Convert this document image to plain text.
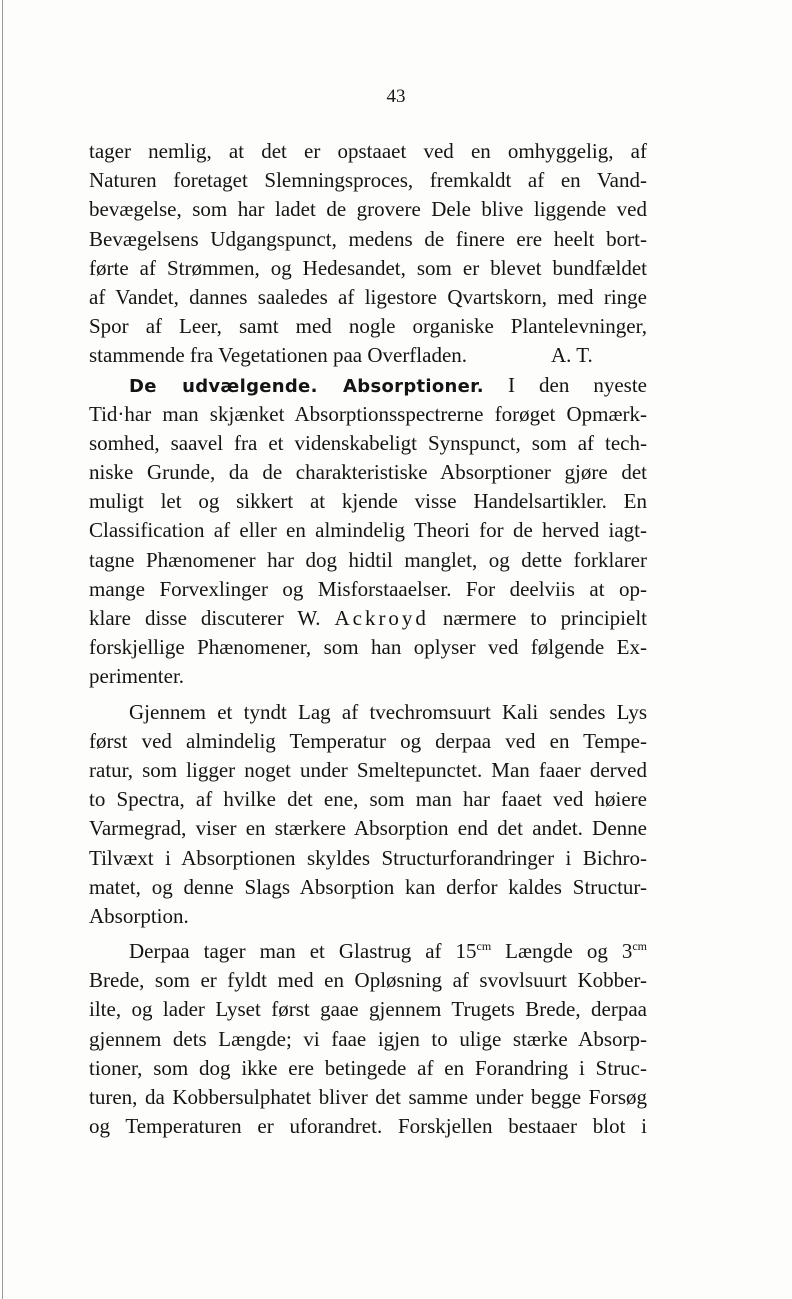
43

tager nemlig, at det er opstaaet ved en omhyggelig, af
Naturen foretaget Slemningsproces, fremkaldt af en Vand-
bevægelse, som har ladet de grovere Dele blive liggende ved
Bevægelsens Udgangspunct, medens de finere ere heelt bort-
førte af Strømmen, og Hedesandet, som er blevet bundfældet
af Vandet, dannes saaledes af ligestore Qvartskorn, med ringe
Spor af Leer, samt med nogle organiske Plantelevninger,
stammende fra Vegetationen paa Overfladen.	A. T.
De udvælgende. Absorptioner. I den nyeste
Tid·har man skjænket Absorptionsspectrerne forøget Opmærk-
somhed, saavel fra et videnskabeligt Synspunct, som af tech-
niske Grunde, da de charakteristiske Absorptioner gjøre det
muligt let og sikkert at kjende visse Handelsartikler. En
Classification af eller en almindelig Theori for de herved iagt-
tagne Phænomener har dog hidtil manglet, og dette forklarer
mange Forvexlinger og Misforstaaelser. For deelviis at op-
klare disse discuterer W. Ackroyd nærmere to principielt
forskjellige Phænomener, som han oplyser ved følgende Ex-
perimenter.
Gjennem et tyndt Lag af tvechromsuurt Kali sendes Lys
først ved almindelig Temperatur og derpaa ved en Tempe-
ratur, som ligger noget under Smeltepunctet. Man faaer derved
to Spectra, af hvilke det ene, som man har faaet ved høiere
Varmegrad, viser en stærkere Absorption end det andet. Denne
Tilvæxt i Absorptionen skyldes Structurforandringer i Bichro-
matet, og denne Slags Absorption kan derfor kaldes Structur-
Absorption.
Derpaa tager man et Glastrug af $15^{cm}$ Længde og $3^{cm}$
Brede, som er fyldt med en Opløsning af svovlsuurt Kobber-
ilte, og lader Lyset først gaae gjennem Trugets Brede, derpaa
gjennem dets Længde; vi faae igjen to ulige stærke Absorp-
tioner, som dog ikke ere betingede af en Forandring i Struc-
turen, da Kobbersulphatet bliver det samme under begge Forsøg
og Temperaturen er uforandret. Forskjellen bestaaer blot i
